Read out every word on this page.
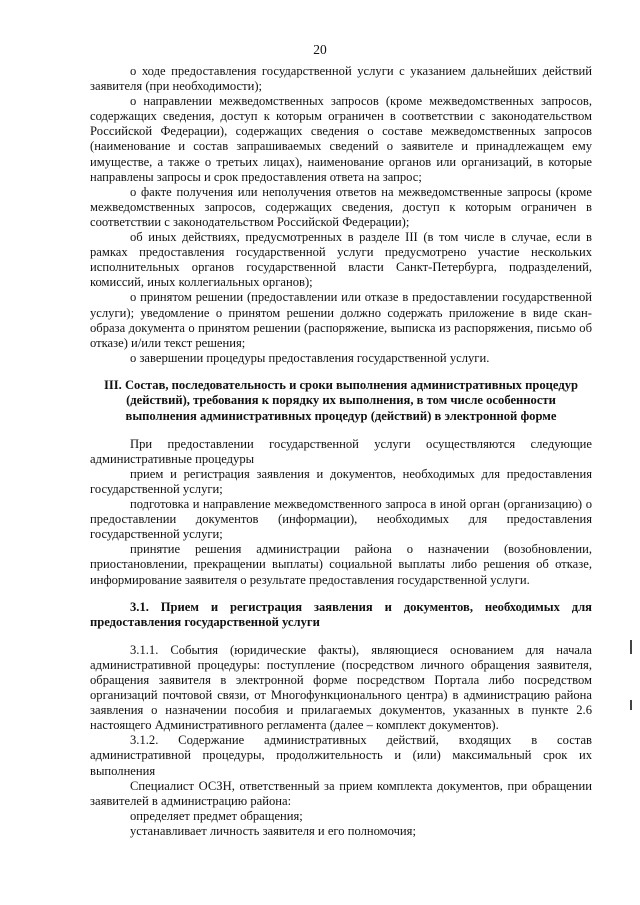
20

о ходе предоставления государственной услуги с указанием дальнейших действий заявителя (при необходимости);

о направлении межведомственных запросов (кроме межведомственных запросов, содержащих сведения, доступ к которым ограничен в соответствии с законодательством Российской Федерации), содержащих сведения о составе межведомственных запросов (наименование и состав запрашиваемых сведений о заявителе и принадлежащем ему имуществе, а также о третьих лицах), наименование органов или организаций, в которые направлены запросы и срок предоставления ответа на запрос;

о факте получения или неполучения ответов на межведомственные запросы (кроме межведомственных запросов, содержащих сведения, доступ к которым ограничен в соответствии с законодательством Российской Федерации);

об иных действиях, предусмотренных в разделе III (в том числе в случае, если в рамках предоставления государственной услуги предусмотрено участие нескольких исполнительных органов государственной власти Санкт-Петербурга, подразделений, комиссий, иных коллегиальных органов);

о принятом решении (предоставлении или отказе в предоставлении государственной услуги); уведомление о принятом решении должно содержать приложение в виде скан-образа документа о принятом решении (распоряжение, выписка из распоряжения, письмо об отказе) и/или текст решения;

о завершении процедуры предоставления государственной услуги.

III. Состав, последовательность и сроки выполнения административных процедур (действий), требования к порядку их выполнения, в том числе особенности выполнения административных процедур (действий) в электронной форме

При предоставлении государственной услуги осуществляются следующие административные процедуры

прием и регистрация заявления и документов, необходимых для предоставления государственной услуги;

подготовка и направление межведомственного запроса в иной орган (организацию) о предоставлении документов (информации), необходимых для предоставления государственной услуги;

принятие решения администрации района о назначении (возобновлении, приостановлении, прекращении выплаты) социальной выплаты либо решения об отказе, информирование заявителя о результате предоставления государственной услуги.

3.1. Прием и регистрация заявления и документов, необходимых для предоставления государственной услуги

3.1.1. События (юридические факты), являющиеся основанием для начала административной процедуры: поступление (посредством личного обращения заявителя, обращения заявителя в электронной форме посредством Портала либо посредством организаций почтовой связи, от Многофункционального центра) в администрацию района заявления о назначении пособия и прилагаемых документов, указанных в пункте 2.6 настоящего Административного регламента (далее – комплект документов).

3.1.2. Содержание административных действий, входящих в состав административной процедуры, продолжительность и (или) максимальный срок их выполнения

Специалист ОСЗН, ответственный за прием комплекта документов, при обращении заявителей в администрацию района:

определяет предмет обращения;

устанавливает личность заявителя и его полномочия;
